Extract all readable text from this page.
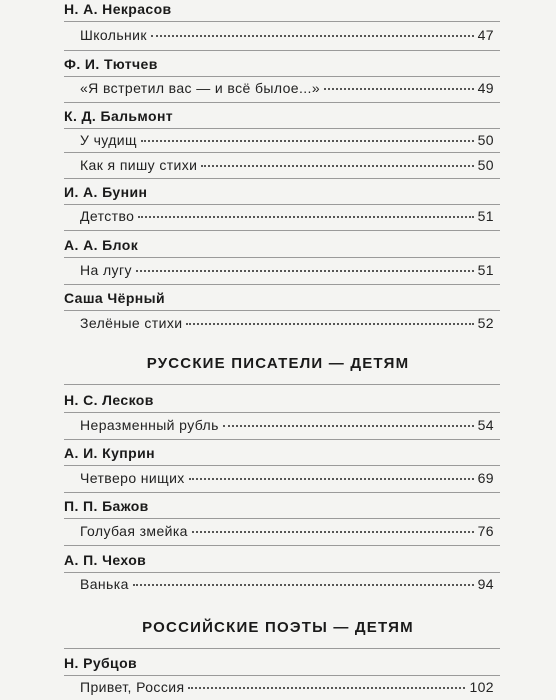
Н. А. Некрасов
Школьник	47
Ф. И. Тютчев
«Я встретил вас — и всё былое...»	49
К. Д. Бальмонт
У чудищ	50
Как я пишу стихи	50
И. А. Бунин
Детство	51
А. А. Блок
На лугу	51
Саша Чёрный
Зелёные стихи	52
РУССКИЕ ПИСАТЕЛИ — ДЕТЯМ
Н. С. Лесков
Неразменный рубль	54
А. И. Куприн
Четверо нищих	69
П. П. Бажов
Голубая змейка	76
А. П. Чехов
Ванька	94
РОССИЙСКИЕ ПОЭТЫ — ДЕТЯМ
Н. Рубцов
Привет, Россия	102
